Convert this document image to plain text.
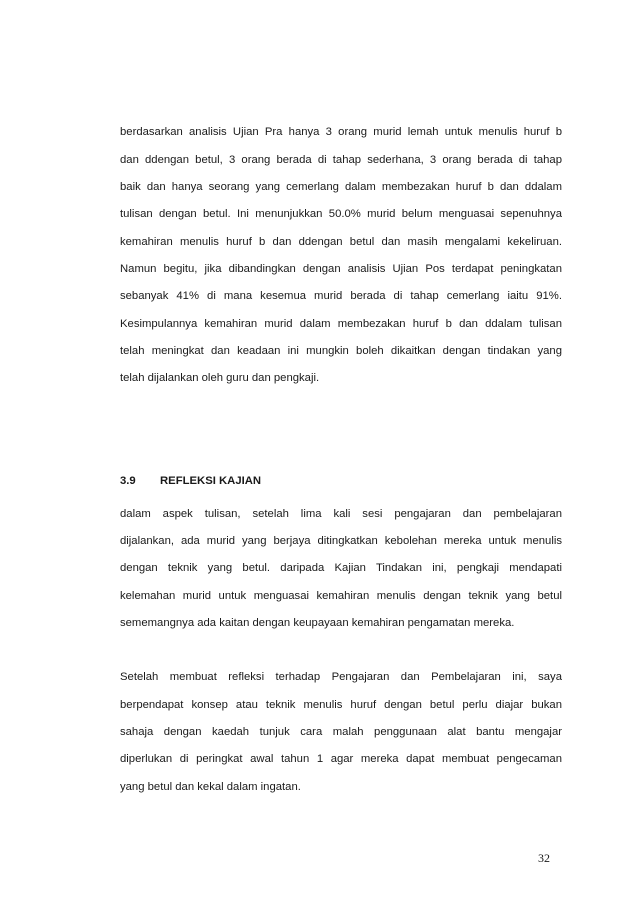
berdasarkan analisis Ujian Pra hanya 3 orang murid lemah untuk menulis huruf b
dan ddengan betul, 3 orang berada di tahap sederhana, 3 orang berada di tahap
baik dan hanya seorang yang cemerlang dalam membezakan huruf b dan ddalam
tulisan dengan betul. Ini menunjukkan 50.0% murid belum menguasai sepenuhnya
kemahiran menulis huruf b dan ddengan betul dan masih mengalami kekeliruan.
Namun begitu, jika dibandingkan dengan analisis Ujian Pos terdapat peningkatan
sebanyak 41% di mana kesemua murid berada di tahap cemerlang iaitu 91%.
Kesimpulannya kemahiran murid dalam membezakan huruf b dan ddalam tulisan
telah meningkat dan keadaan ini mungkin boleh dikaitkan dengan tindakan yang
telah dijalankan oleh guru dan pengkaji.
3.9 REFLEKSI KAJIAN
dalam aspek tulisan, setelah lima kali sesi pengajaran dan pembelajaran
dijalankan, ada murid yang berjaya ditingkatkan kebolehan mereka untuk menulis
dengan teknik yang betul. daripada Kajian Tindakan ini, pengkaji mendapati
kelemahan murid untuk menguasai kemahiran menulis dengan teknik yang betul
sememangnya ada kaitan dengan keupayaan kemahiran pengamatan mereka.
Setelah membuat refleksi terhadap Pengajaran dan Pembelajaran ini, saya
berpendapat konsep atau teknik menulis huruf dengan betul perlu diajar bukan
sahaja dengan kaedah tunjuk cara malah penggunaan alat bantu mengajar
diperlukan di peringkat awal tahun 1 agar mereka dapat membuat pengecaman
yang betul dan kekal dalam ingatan.
32
